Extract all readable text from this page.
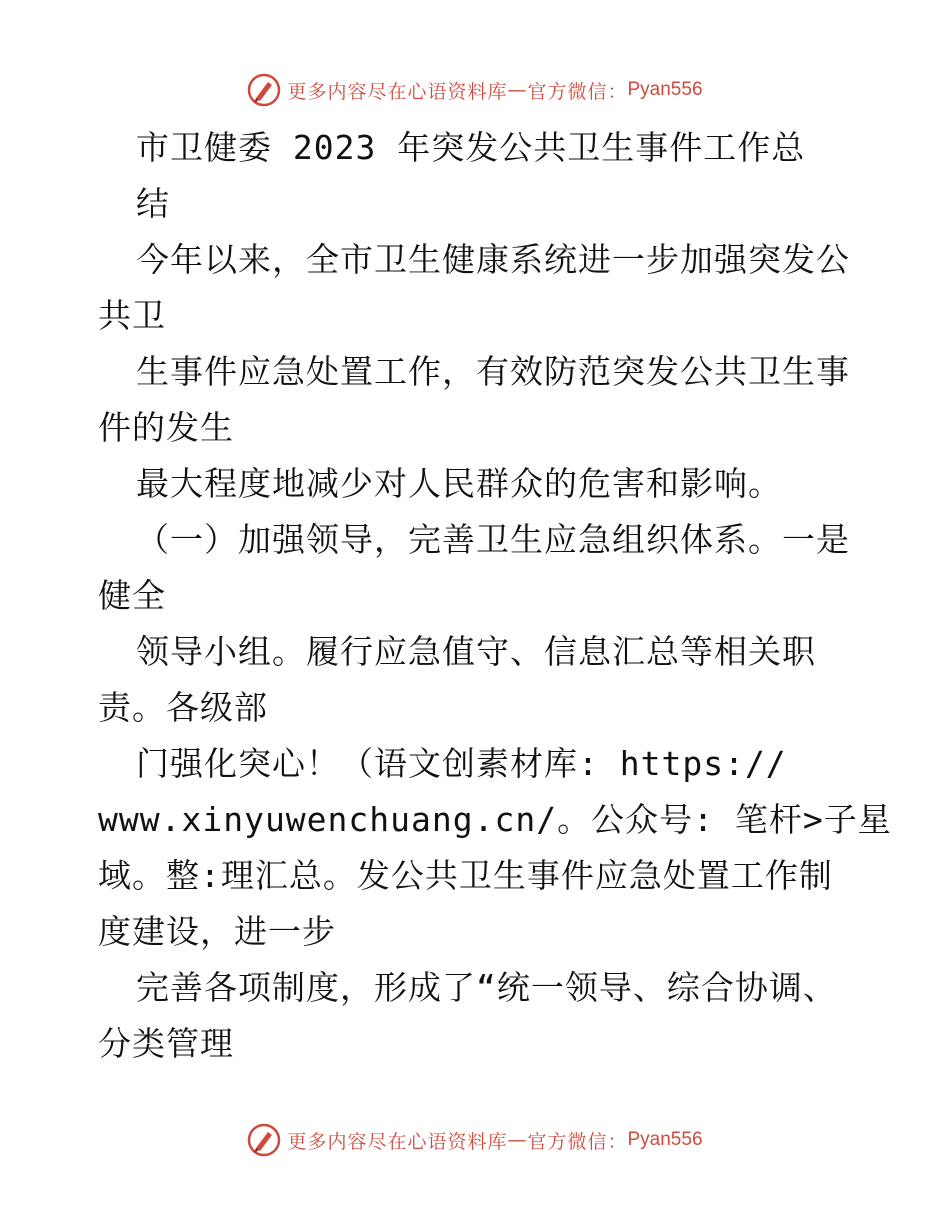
更多内容尽在心语资料库 — 官方微信： Pyan556
市卫健委 2023 年突发公共卫生事件工作总
结
今年以来，全市卫生健康系统进一步加强突发公
共卫
生事件应急处置工作，有效防范突发公共卫生事
件的发生
最大程度地减少对人民群众的危害和影响。
（一）加强领导，完善卫生应急组织体系。一是
健全
领导小组。履行应急值守、信息汇总等相关职
责。各级部
门强化突心！（语文创素材库: https://
www.xinyuwenchuang.cn/。公众号: 笔杆>子星
域。整:理汇总。发公共卫生事件应急处置工作制
度建设，进一步
完善各项制度，形成了“统一领导、综合协调、
分类管理
更多内容尽在心语资料库 — 官方微信： Pyan556
